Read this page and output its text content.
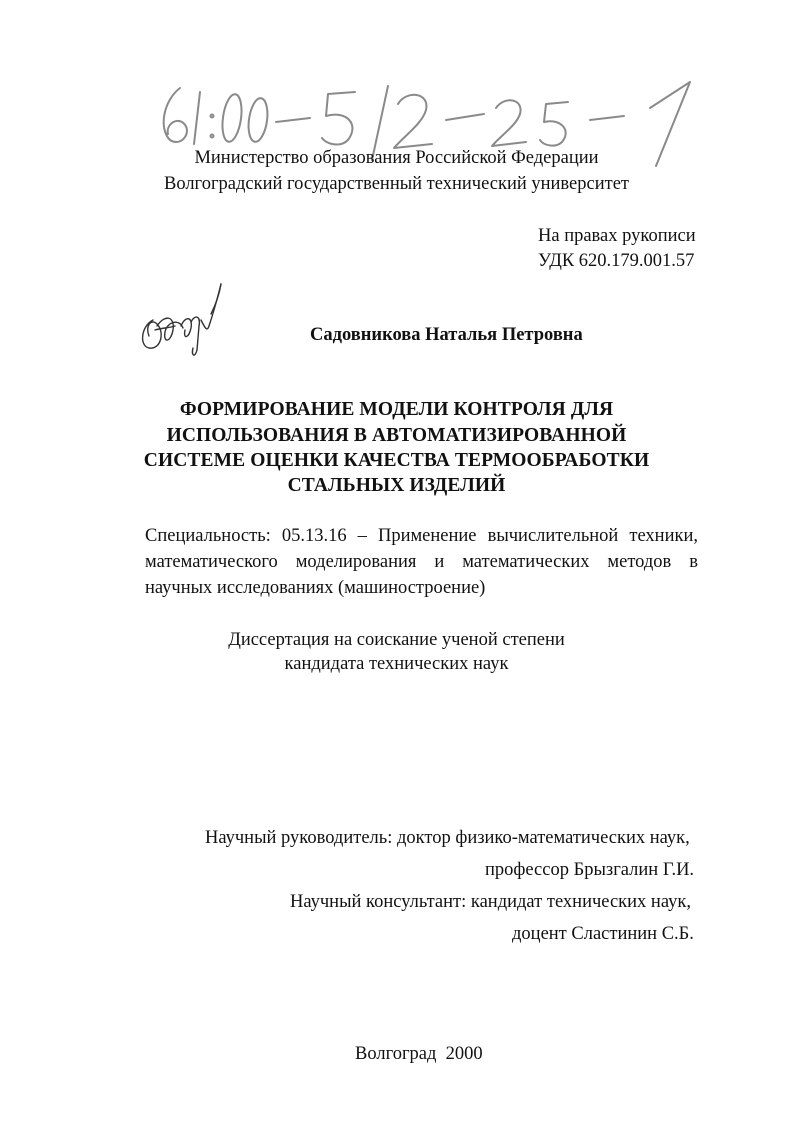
Министерство образования Российской Федерации
Волгоградский государственный технический университет
На правах рукописи
УДК 620.179.001.57
Садовникова Наталья Петровна
ФОРМИРОВАНИЕ МОДЕЛИ КОНТРОЛЯ ДЛЯ
ИСПОЛЬЗОВАНИЯ В АВТОМАТИЗИРОВАННОЙ
СИСТЕМЕ ОЦЕНКИ КАЧЕСТВА ТЕРМООБРАБОТКИ
СТАЛЬНЫХ ИЗДЕЛИЙ
Специальность: 05.13.16 – Применение вычислительной техники, математического моделирования и математических методов в научных исследованиях (машиностроение)
Диссертация на соискание ученой степени
кандидата технических наук
Научный руководитель: доктор физико-математических наук,
профессор Брызгалин Г.И.
Научный консультант: кандидат технических наук,
доцент Сластинин С.Б.
Волгоград  2000
